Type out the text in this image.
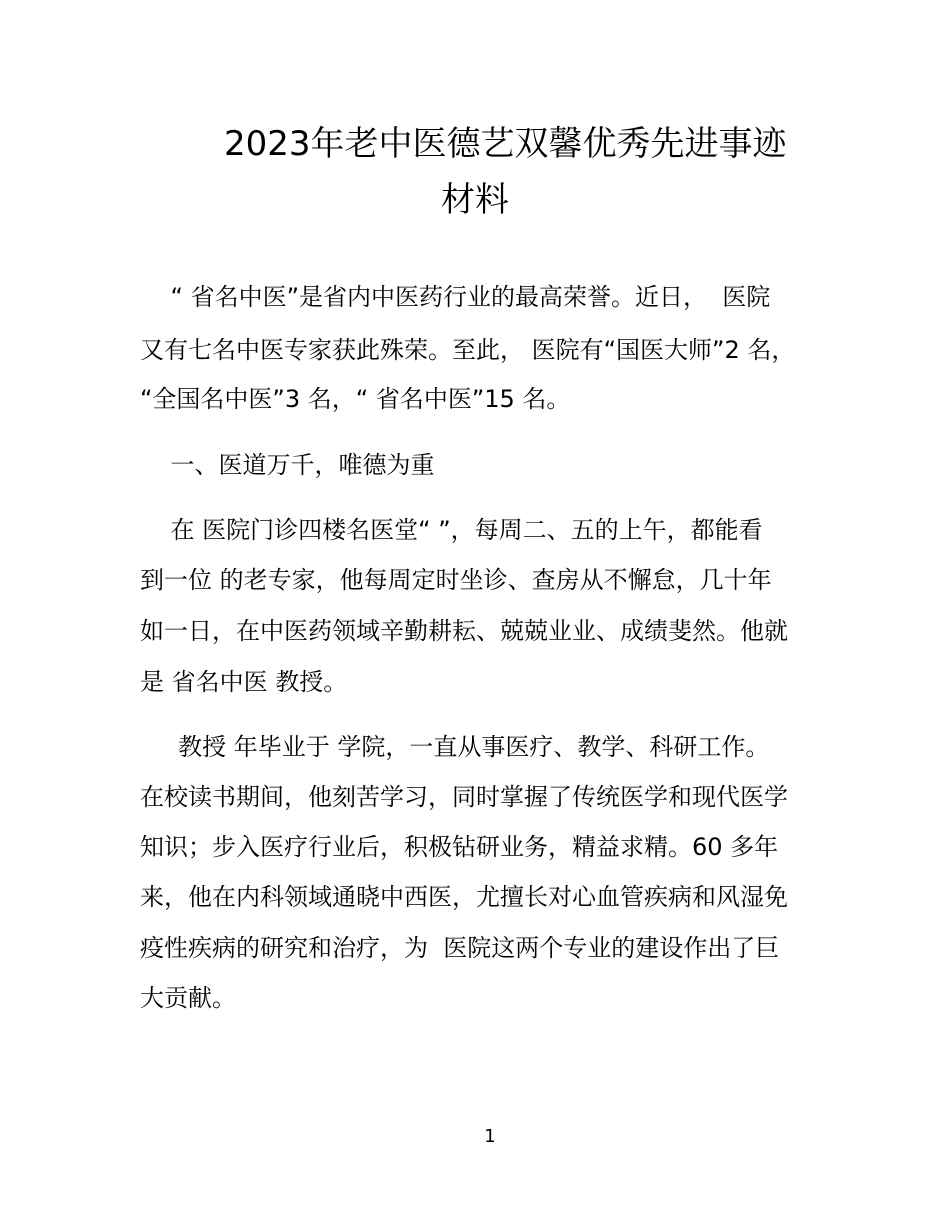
2023年老中医德艺双馨优秀先进事迹
材料
“ 省名中医”是省内中医药行业的最高荣誉。近日，  医院
又有七名中医专家获此殊荣。至此， 医院有“国医大师”2 名，
“全国名中医”3 名，“ 省名中医”15 名。
一、医道万千，唯德为重
在 医院门诊四楼名医堂“ ”，每周二、五的上午，都能看
到一位 的老专家，他每周定时坐诊、查房从不懈怠，几十年
如一日，在中医药领域辛勤耕耘、兢兢业业、成绩斐然。他就
是 省名中医 教授。
教授 年毕业于 学院，一直从事医疗、教学、科研工作。
在校读书期间，他刻苦学习，同时掌握了传统医学和现代医学
知识；步入医疗行业后，积极钻研业务，精益求精。60 多年
来，他在内科领域通晓中西医，尤擅长对心血管疾病和风湿免
疫性疾病的研究和治疗，为  医院这两个专业的建设作出了巨
大贡献。
1
